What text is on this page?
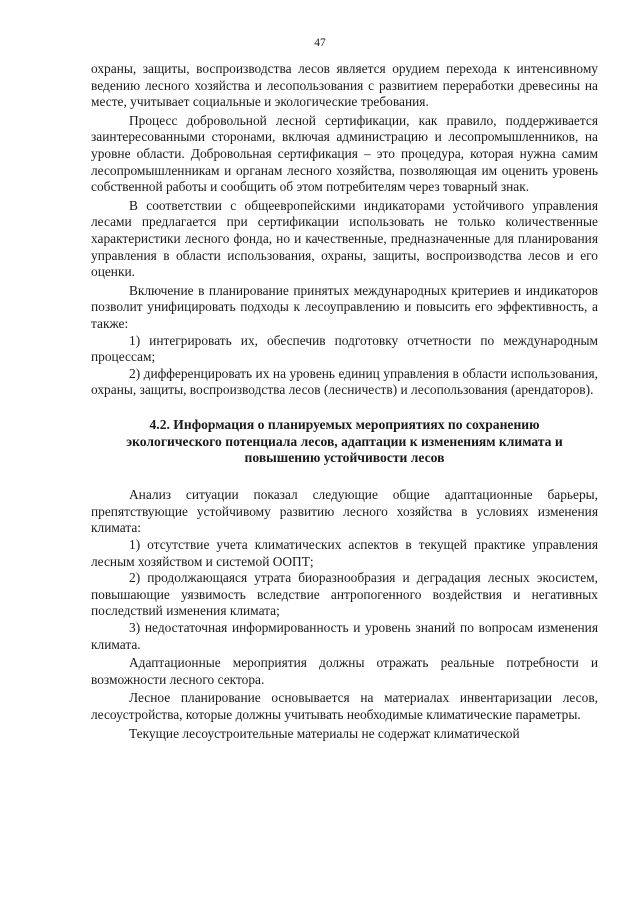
47

охраны, защиты, воспроизводства лесов является орудием перехода к интенсивному ведению лесного хозяйства и лесопользования с развитием переработки древесины на месте, учитывает социальные и экологические требования.

Процесс добровольной лесной сертификации, как правило, поддерживается заинтересованными сторонами, включая администрацию и лесопромышленников, на уровне области. Добровольная сертификация – это процедура, которая нужна самим лесопромышленникам и органам лесного хозяйства, позволяющая им оценить уровень собственной работы и сообщить об этом потребителям через товарный знак.

В соответствии с общеевропейскими индикаторами устойчивого управления лесами предлагается при сертификации использовать не только количественные характеристики лесного фонда, но и качественные, предназначенные для планирования управления в области использования, охраны, защиты, воспроизводства лесов и его оценки.

Включение в планирование принятых международных критериев и индикаторов позволит унифицировать подходы к лесоуправлению и повысить его эффективность, а также:

1) интегрировать их, обеспечив подготовку отчетности по международным процессам;

2) дифференцировать их на уровень единиц управления в области использования, охраны, защиты, воспроизводства лесов (лесничеств) и лесопользования (арендаторов).

4.2. Информация о планируемых мероприятиях по сохранению экологического потенциала лесов, адаптации к изменениям климата и повышению устойчивости лесов

Анализ ситуации показал следующие общие адаптационные барьеры, препятствующие устойчивому развитию лесного хозяйства в условиях изменения климата:

1) отсутствие учета климатических аспектов в текущей практике управления лесным хозяйством и системой ООПТ;

2) продолжающаяся утрата биоразнообразия и деградация лесных экосистем, повышающие уязвимость вследствие антропогенного воздействия и негативных последствий изменения климата;

3) недостаточная информированность и уровень знаний по вопросам изменения климата.

Адаптационные мероприятия должны отражать реальные потребности и возможности лесного сектора.

Лесное планирование основывается на материалах инвентаризации лесов, лесоустройства, которые должны учитывать необходимые климатические параметры.

Текущие лесоустроительные материалы не содержат климатической
